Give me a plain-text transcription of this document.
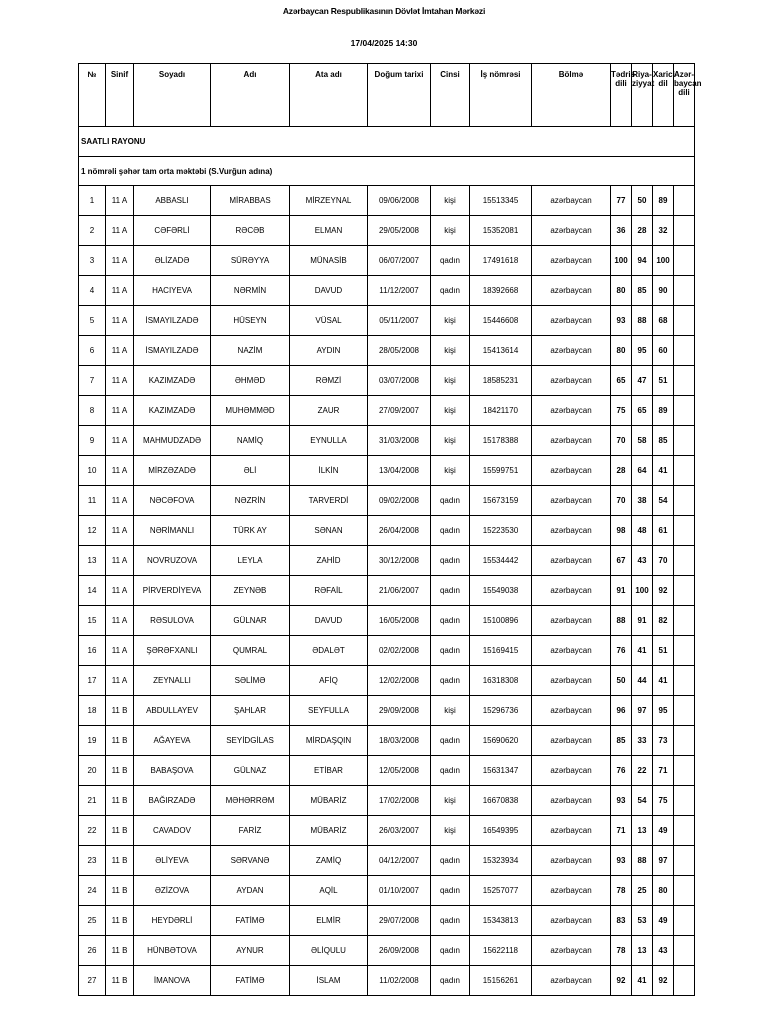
Azərbaycan Respublikasının Dövlət İmtahan Mərkəzi
17/04/2025 14:30
№	Sinif	Soyadı	Adı	Ata adı	Doğum tarixi	Cinsi	İş nömrəsi	Bölmə	Tədris dili	Riya-ziyyat	Xarici dil	Azər-baycan dili
SAATLI RAYONU												
1 nömrəli şəhər tam orta məktəbi (S.Vurğun adına)												
1	11 A	ABBASLI	MİRABBAS	MİRZEYNAL	09/06/2008	kişi	15513345	azərbaycan	77	50	89	
2	11 A	CƏFƏRLİ	RƏCƏB	ELMAN	29/05/2008	kişi	15352081	azərbaycan	36	28	32	
3	11 A	ƏLİZADƏ	SÜRƏYYA	MÜNASİB	06/07/2007	qadın	17491618	azərbaycan	100	94	100	
4	11 A	HACIYEVA	NƏRMİN	DAVUD	11/12/2007	qadın	18392668	azərbaycan	80	85	90	
5	11 A	İSMAYILZADƏ	HÜSEYN	VÜSAL	05/11/2007	kişi	15446608	azərbaycan	93	88	68	
6	11 A	İSMAYILZADƏ	NAZİM	AYDIN	28/05/2008	kişi	15413614	azərbaycan	80	95	60	
7	11 A	KAZIMZADƏ	ƏHMƏD	RƏMZİ	03/07/2008	kişi	18585231	azərbaycan	65	47	51	
8	11 A	KAZIMZADƏ	MUHƏMMƏD	ZAUR	27/09/2007	kişi	18421170	azərbaycan	75	65	89	
9	11 A	MAHMUDZADƏ	NAMİQ	EYNULLA	31/03/2008	kişi	15178388	azərbaycan	70	58	85	
10	11 A	MİRZƏZADƏ	ƏLİ	İLKİN	13/04/2008	kişi	15599751	azərbaycan	28	64	41	
11	11 A	NƏCƏFOVA	NƏZRİN	TARVERDİ	09/02/2008	qadın	15673159	azərbaycan	70	38	54	
12	11 A	NƏRİMANLI	TÜRK AY	SƏNAN	26/04/2008	qadın	15223530	azərbaycan	98	48	61	
13	11 A	NOVRUZOVA	LEYLA	ZAHİD	30/12/2008	qadın	15534442	azərbaycan	67	43	70	
14	11 A	PİRVERDİYEVA	ZEYNƏB	RƏFAİL	21/06/2007	qadın	15549038	azərbaycan	91	100	92	
15	11 A	RƏSULOVA	GÜLNAR	DAVUD	16/05/2008	qadın	15100896	azərbaycan	88	91	82	
16	11 A	ŞƏRƏFXANLI	QUMRAL	ƏDALƏT	02/02/2008	qadın	15169415	azərbaycan	76	41	51	
17	11 A	ZEYNALLI	SƏLİMƏ	AFİQ	12/02/2008	qadın	16318308	azərbaycan	50	44	41	
18	11 B	ABDULLAYEV	ŞAHLAR	SEYFULLA	29/09/2008	kişi	15296736	azərbaycan	96	97	95	
19	11 B	AĞAYEVA	SEYİDGİLAS	MİRDAŞQIN	18/03/2008	qadın	15690620	azərbaycan	85	33	73	
20	11 B	BABAŞOVA	GÜLNAZ	ETİBAR	12/05/2008	qadın	15631347	azərbaycan	76	22	71	
21	11 B	BAĞIRZADƏ	MƏHƏRRƏM	MÜBARİZ	17/02/2008	kişi	16670838	azərbaycan	93	54	75	
22	11 B	CAVADOV	FARİZ	MÜBARİZ	26/03/2007	kişi	16549395	azərbaycan	71	13	49	
23	11 B	ƏLİYEVA	SƏRVANƏ	ZAMİQ	04/12/2007	qadın	15323934	azərbaycan	93	88	97	
24	11 B	ƏZİZOVA	AYDAN	AQİL	01/10/2007	qadın	15257077	azərbaycan	78	25	80	
25	11 B	HEYDƏRLİ	FATİMƏ	ELMİR	29/07/2008	qadın	15343813	azərbaycan	83	53	49	
26	11 B	HÜNBƏTOVA	AYNUR	ƏLİQULU	26/09/2008	qadın	15622118	azərbaycan	78	13	43	
27	11 B	İMANOVA	FATİMƏ	İSLAM	11/02/2008	qadın	15156261	azərbaycan	92	41	92	
